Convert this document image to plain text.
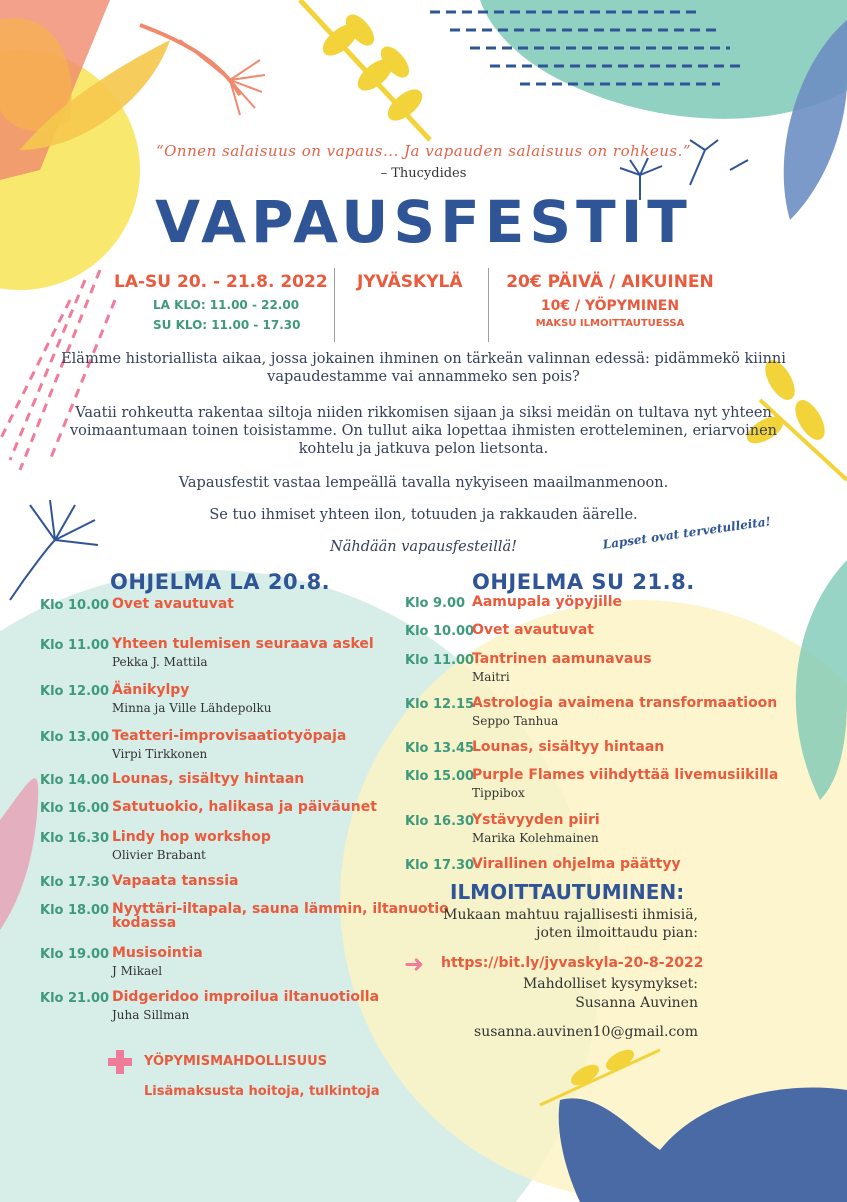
“Onnen salaisuus on vapaus... Ja vapauden salaisuus on rohkeus.”
– Thucydides
VAPAUSFESTIT
LA-SU 20. - 21.8. 2022
LA KLO: 11.00 - 22.00
SU KLO: 11.00 - 17.30
JYVÄSKYLÄ	20€ PÄIVÄ / AIKUINEN
10€ / YÖPYMINEN
MAKSU ILMOITTAUTUESSA
Elämme historiallista aikaa, jossa jokainen ihminen on tärkeän valinnan edessä: pidämmekö kiinni vapaudestamme vai annammeko sen pois?
Vaatii rohkeutta rakentaa siltoja niiden rikkomisen sijaan ja siksi meidän on tultava nyt yhteen voimaantumaan toinen toisistamme. On tullut aika lopettaa ihmisten erotteleminen, eriarvoinen kohtelu ja jatkuva pelon lietsonta.
Vapausfestit vastaa lempeällä tavalla nykyiseen maailmanmenoon.
Se tuo ihmiset yhteen ilon, totuuden ja rakkauden äärelle.
Nähdään vapausfesteillä!	Lapset ovat tervetulleita!
OHJELMA LA 20.8.	OHJELMA SU 21.8.
Klo 10.00 Ovet avautuvat
Klo 11.00 Yhteen tulemisen seuraava askel
Pekka J. Mattila
Klo 12.00 Äänikylpy
Minna ja Ville Lähdepolku
Klo 13.00 Teatteri-improvisaatiotyöpaja
Virpi Tirkkonen
Klo 14.00 Lounas, sisältyy hintaan
Klo 16.00 Satutuokio, halikasa ja päiväunet
Klo 16.30 Lindy hop workshop
Olivier Brabant
Klo 17.30 Vapaata tanssia
Klo 18.00 Nyyttäri-iltapala, sauna lämmin, iltanuotio
kodassa
Klo 19.00 Musisointia
J Mikael
Klo 21.00 Didgeridoo improilua iltanuotiolla
Juha Sillman
Klo 9.00 Aamupala yöpyjille
Klo 10.00
Ovet avautuvat
Klo 11.00
Tantrinen aamunavaus
Maitri
Klo 12.15
Astrologia avaimena transformaatioon
Seppo Tanhua
Klo 13.45
Lounas, sisältyy hintaan
Klo 15.00
Purple Flames viihdyttää livemusiikilla
Tippibox
Klo 16.30
Ystävyyden piiri
Marika Kolehmainen
Klo 17.30
Virallinen ohjelma päättyy
ILMOITTAUTUMINEN:
Mukaan mahtuu rajallisesti ihmisiä,
joten ilmoittaudu pian:
➜ https://bit.ly/jyvaskyla-20-8-2022
Mahdolliset kysymykset:
Susanna Auvinen
susanna.auvinen10@gmail.com
YÖPYMISMAHDOLLISUUS
Lisämaksusta hoitoja, tulkintoja
